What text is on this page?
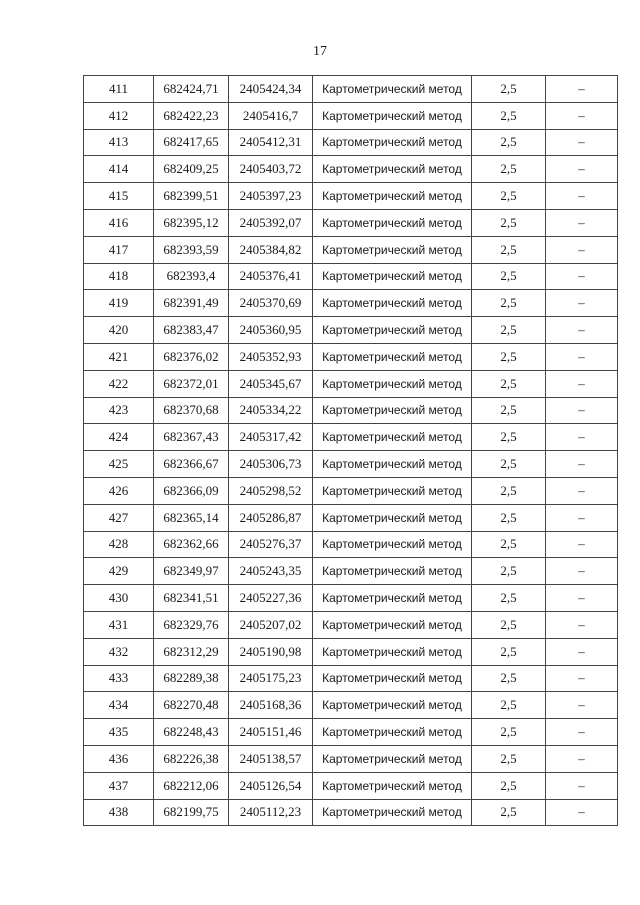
17
411	682424,71	2405424,34	Картометрический метод	2,5	–
412	682422,23	2405416,7	Картометрический метод	2,5	–
413	682417,65	2405412,31	Картометрический метод	2,5	–
414	682409,25	2405403,72	Картометрический метод	2,5	–
415	682399,51	2405397,23	Картометрический метод	2,5	–
416	682395,12	2405392,07	Картометрический метод	2,5	–
417	682393,59	2405384,82	Картометрический метод	2,5	–
418	682393,4	2405376,41	Картометрический метод	2,5	–
419	682391,49	2405370,69	Картометрический метод	2,5	–
420	682383,47	2405360,95	Картометрический метод	2,5	–
421	682376,02	2405352,93	Картометрический метод	2,5	–
422	682372,01	2405345,67	Картометрический метод	2,5	–
423	682370,68	2405334,22	Картометрический метод	2,5	–
424	682367,43	2405317,42	Картометрический метод	2,5	–
425	682366,67	2405306,73	Картометрический метод	2,5	–
426	682366,09	2405298,52	Картометрический метод	2,5	–
427	682365,14	2405286,87	Картометрический метод	2,5	–
428	682362,66	2405276,37	Картометрический метод	2,5	–
429	682349,97	2405243,35	Картометрический метод	2,5	–
430	682341,51	2405227,36	Картометрический метод	2,5	–
431	682329,76	2405207,02	Картометрический метод	2,5	–
432	682312,29	2405190,98	Картометрический метод	2,5	–
433	682289,38	2405175,23	Картометрический метод	2,5	–
434	682270,48	2405168,36	Картометрический метод	2,5	–
435	682248,43	2405151,46	Картометрический метод	2,5	–
436	682226,38	2405138,57	Картометрический метод	2,5	–
437	682212,06	2405126,54	Картометрический метод	2,5	–
438	682199,75	2405112,23	Картометрический метод	2,5	–
